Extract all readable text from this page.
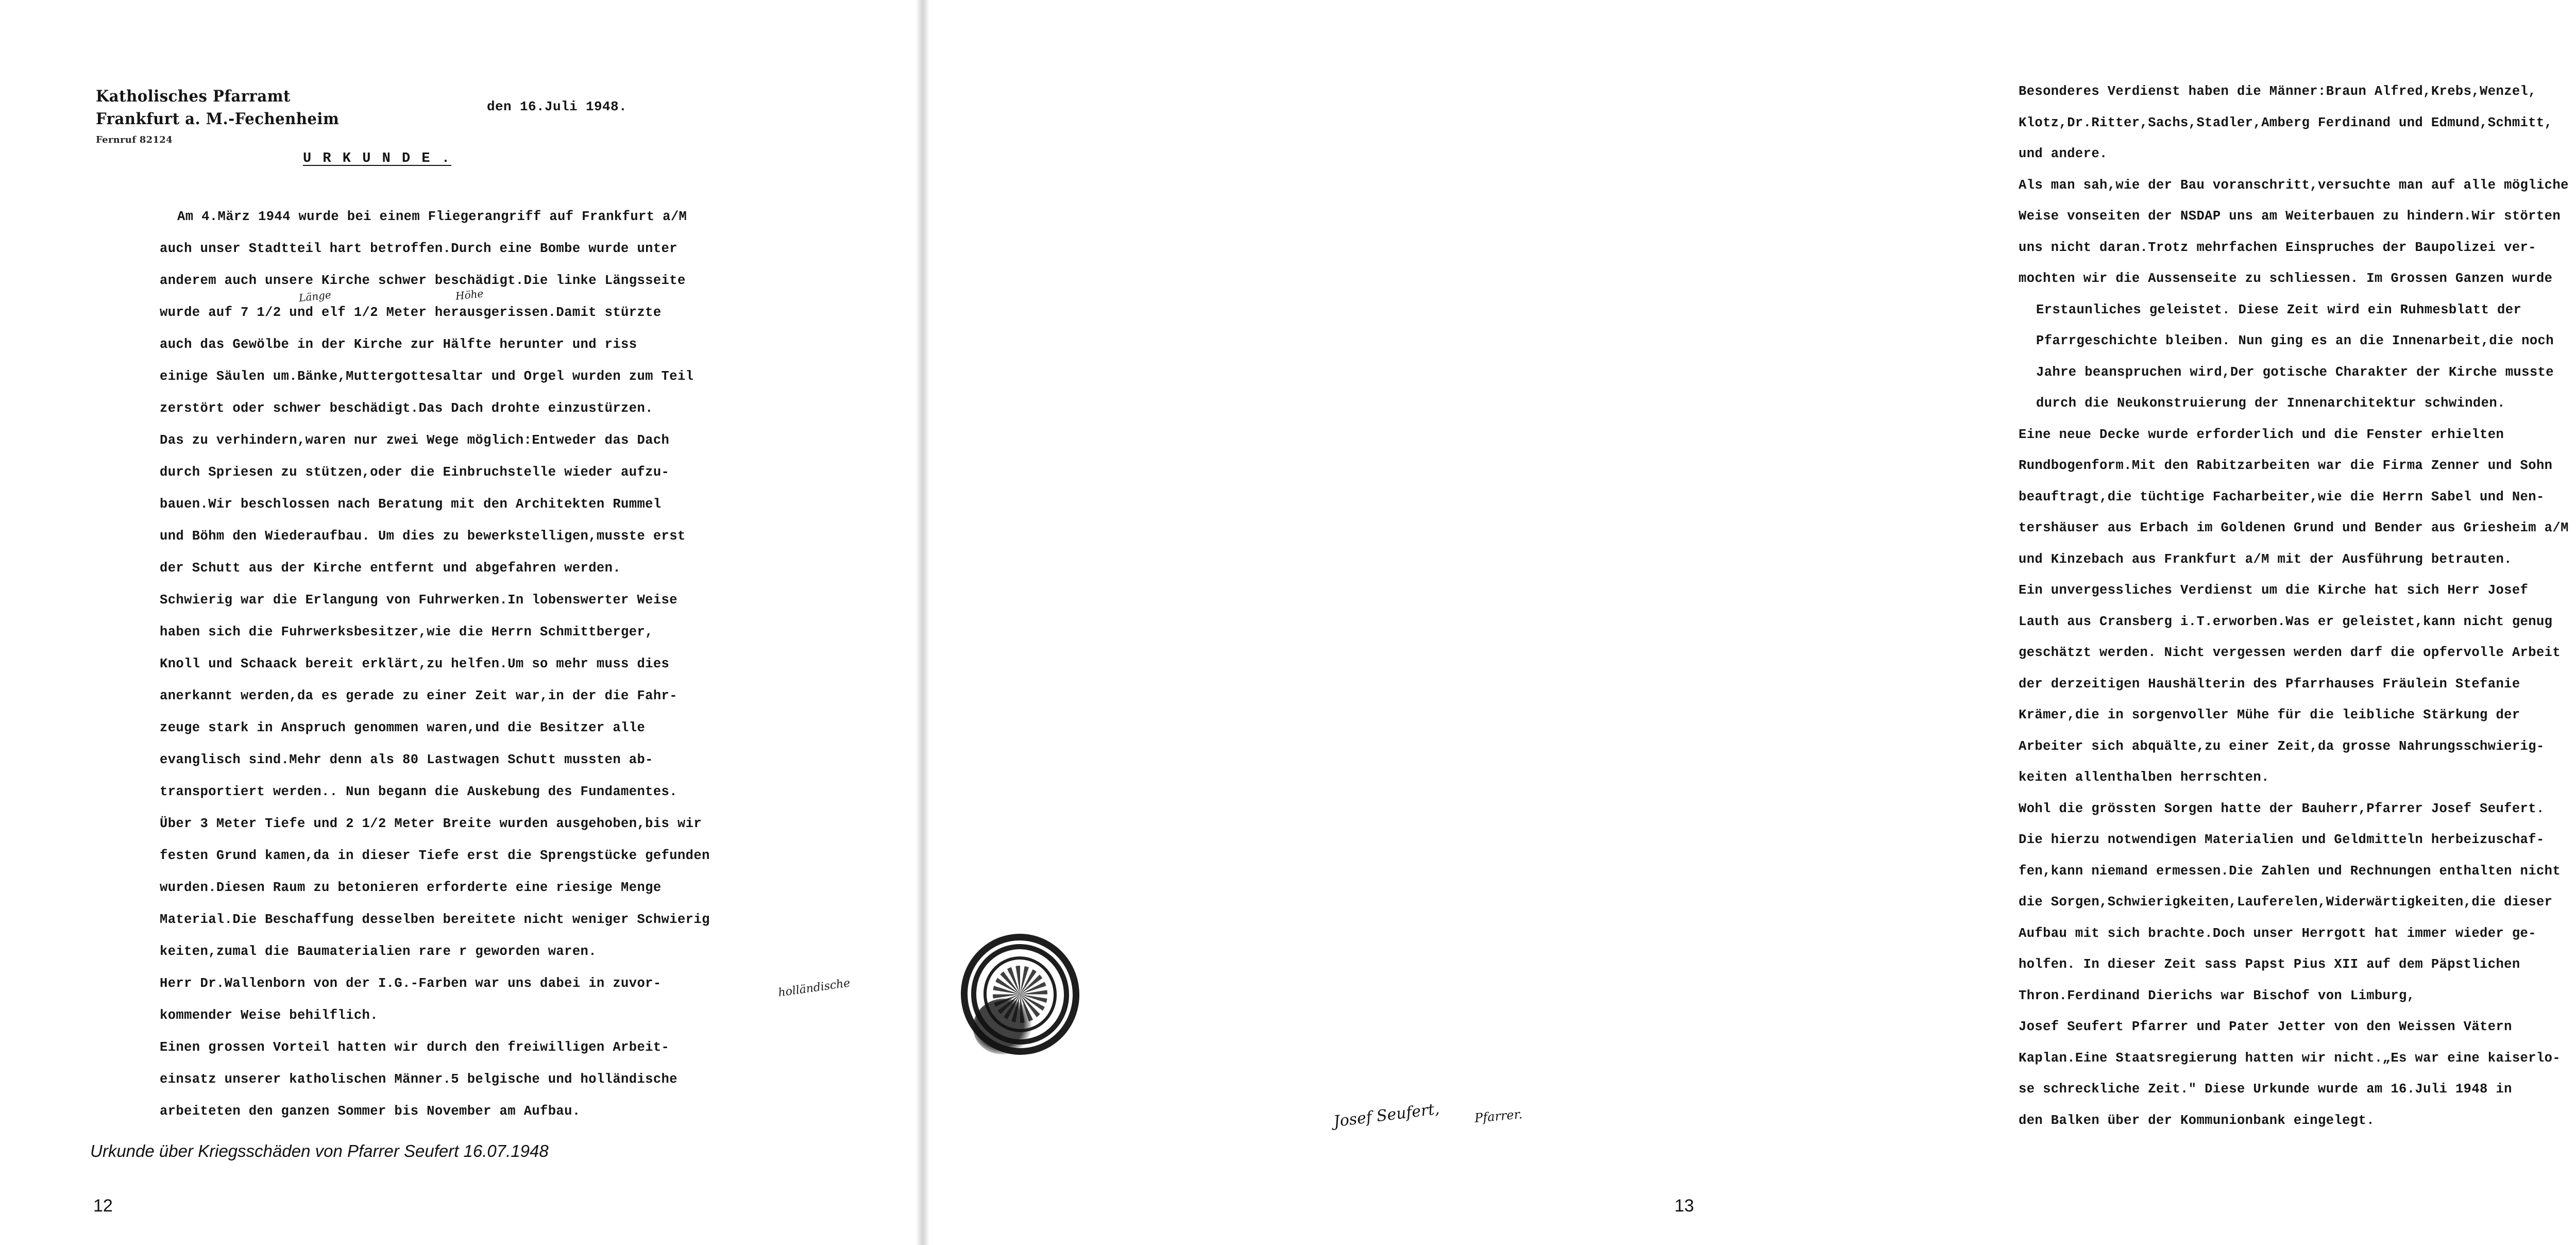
Katholisches Pfarramt
Frankfurt a. M.-Fechenheim
Fernruf 82124
den 16.Juli 1948.
U R K U N D E .

Am 4.März 1944 wurde bei einem Fliegerangriff auf Frankfurt a/M

auch unser Stadtteil hart betroffen.Durch eine Bombe wurde unter

anderem auch unsere Kirche schwer beschädigt.Die linke Längsseite

wurde auf 7 1/2 und elf 1/2 Meter herausgerissen.Damit stürzte

auch das Gewölbe in der Kirche zur Hälfte herunter und riss

einige Säulen um.Bänke,Muttergottesaltar und Orgel wurden zum Teil

zerstört oder schwer beschädigt.Das Dach drohte einzustürzen.

Das zu verhindern,waren nur zwei Wege möglich:Entweder das Dach

durch Spriesen zu stützen,oder die Einbruchstelle wieder aufzu-

bauen.Wir beschlossen nach Beratung mit den Architekten Rummel

und Böhm den Wiederaufbau. Um dies zu bewerkstelligen,musste erst

der Schutt aus der Kirche entfernt und abgefahren werden.

Schwierig war die Erlangung von Fuhrwerken.In lobenswerter Weise

haben sich die Fuhrwerksbesitzer,wie die Herrn Schmittberger,

Knoll und Schaack bereit erklärt,zu helfen.Um so mehr muss dies

anerkannt werden,da es gerade zu einer Zeit war,in der die Fahr-

zeuge stark in Anspruch genommen waren,und die Besitzer alle

evanglisch sind.Mehr denn als 80 Lastwagen Schutt mussten ab-

transportiert werden.. Nun begann die Auskebung des Fundamentes.

Über 3 Meter Tiefe und 2 1/2 Meter Breite wurden ausgehoben,bis wir

festen Grund kamen,da in dieser Tiefe erst die Sprengstücke gefunden

wurden.Diesen Raum zu betonieren erforderte eine riesige Menge

Material.Die Beschaffung desselben bereitete nicht weniger Schwierig

keiten,zumal die Baumaterialien rare r geworden waren.

Herr Dr.Wallenborn von der I.G.-Farben war uns dabei in zuvor-

kommender Weise behilflich.

Einen grossen Vorteil hatten wir durch den freiwilligen Arbeit-

einsatz unserer katholischen Männer.5 belgische und holländische

arbeiteten den ganzen Sommer bis November am Aufbau.

Länge	Höhe
holländische
Urkunde über Kriegsschäden von Pfarrer Seufert 16.07.1948
12

Besonderes Verdienst haben die Männer:Braun Alfred,Krebs,Wenzel,

Klotz,Dr.Ritter,Sachs,Stadler,Amberg Ferdinand und Edmund,Schmitt,

und andere.

Als man sah,wie der Bau voranschritt,versuchte man auf alle mögliche

Weise vonseiten der NSDAP uns am Weiterbauen zu hindern.Wir störten

uns nicht daran.Trotz mehrfachen Einspruches der Baupolizei ver-

mochten wir die Aussenseite zu schliessen. Im Grossen Ganzen wurde

Erstaunliches geleistet. Diese Zeit wird ein Ruhmesblatt der

Pfarrgeschichte bleiben. Nun ging es an die Innenarbeit,die noch

Jahre beanspruchen wird,Der gotische Charakter der Kirche musste

durch die Neukonstruierung der Innenarchitektur schwinden.

Eine neue Decke wurde erforderlich und die Fenster erhielten

Rundbogenform.Mit den Rabitzarbeiten war die Firma Zenner und Sohn

beauftragt,die tüchtige Facharbeiter,wie die Herrn Sabel und Nen-

tershäuser aus Erbach im Goldenen Grund und Bender aus Griesheim a/M

und Kinzebach aus Frankfurt a/M mit der Ausführung betrauten.

Ein unvergessliches Verdienst um die Kirche hat sich Herr Josef

Lauth aus Cransberg i.T.erworben.Was er geleistet,kann nicht genug

geschätzt werden. Nicht vergessen werden darf die opfervolle Arbeit

der derzeitigen Haushälterin des Pfarrhauses Fräulein Stefanie

Krämer,die in sorgenvoller Mühe für die leibliche Stärkung der

Arbeiter sich abquälte,zu einer Zeit,da grosse Nahrungsschwierig-

keiten allenthalben herrschten.

Wohl die grössten Sorgen hatte der Bauherr,Pfarrer Josef Seufert.

Die hierzu notwendigen Materialien und Geldmitteln herbeizuschaf-

fen,kann niemand ermessen.Die Zahlen und Rechnungen enthalten nicht

die Sorgen,Schwierigkeiten,Lauferelen,Widerwärtigkeiten,die dieser

Aufbau mit sich brachte.Doch unser Herrgott hat immer wieder ge-

holfen. In dieser Zeit sass Papst Pius XII auf dem Päpstlichen

Thron.Ferdinand Dierichs war Bischof von Limburg,

Josef Seufert Pfarrer und Pater Jetter von den Weissen Vätern

Kaplan.Eine Staatsregierung hatten wir nicht.„Es war eine kaiserlo-

se schreckliche Zeit." Diese Urkunde wurde am 16.Juli 1948 in

den Balken über der Kommunionbank eingelegt.

13
Josef Seufert,	Pfarrer.
